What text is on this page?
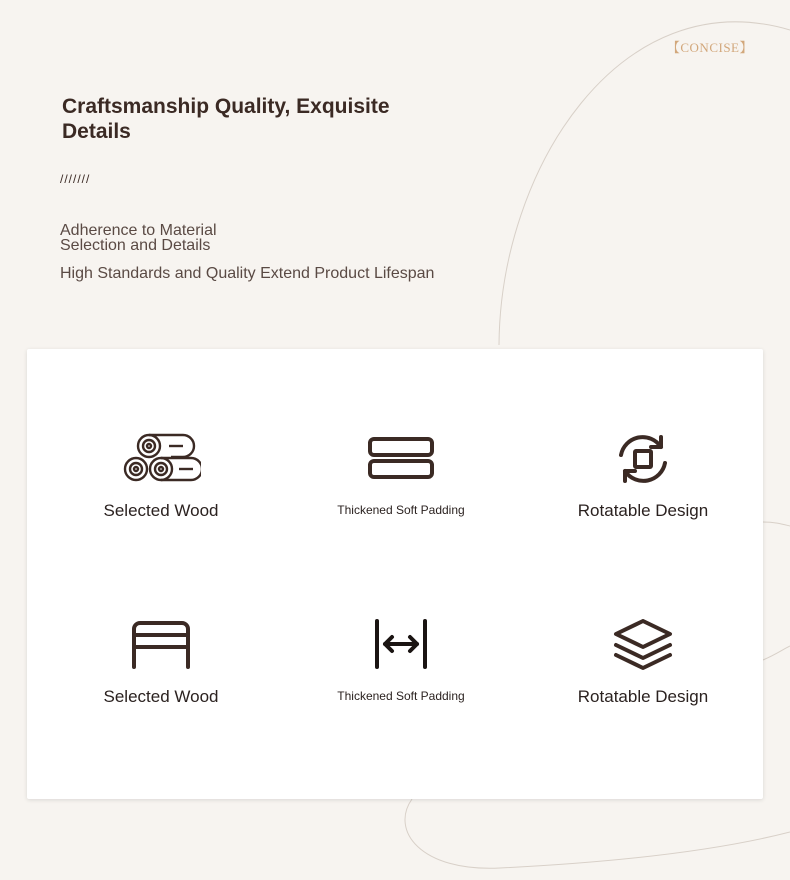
【CONCISE】
Craftsmanship Quality, Exquisite Details
///////
Adherence to Material Selection and Details
High Standards and Quality Extend Product Lifespan
Selected Wood	Thickened Soft Padding	Rotatable Design
Selected Wood	Thickened Soft Padding	Rotatable Design
